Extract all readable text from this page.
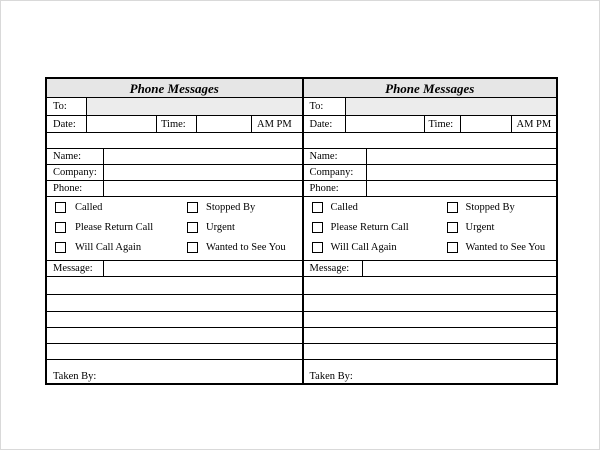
Phone Messages
To:
Date:	Time:	AM PM
Name:
Company:
Phone:
Called	Stopped By
Please Return Call	Urgent
Will Call Again	Wanted to See You
Message:
Taken By:
Phone Messages
To:
Date:	Time:	AM PM
Name:
Company:
Phone:
Called	Stopped By
Please Return Call	Urgent
Will Call Again	Wanted to See You
Message:
Taken By:
